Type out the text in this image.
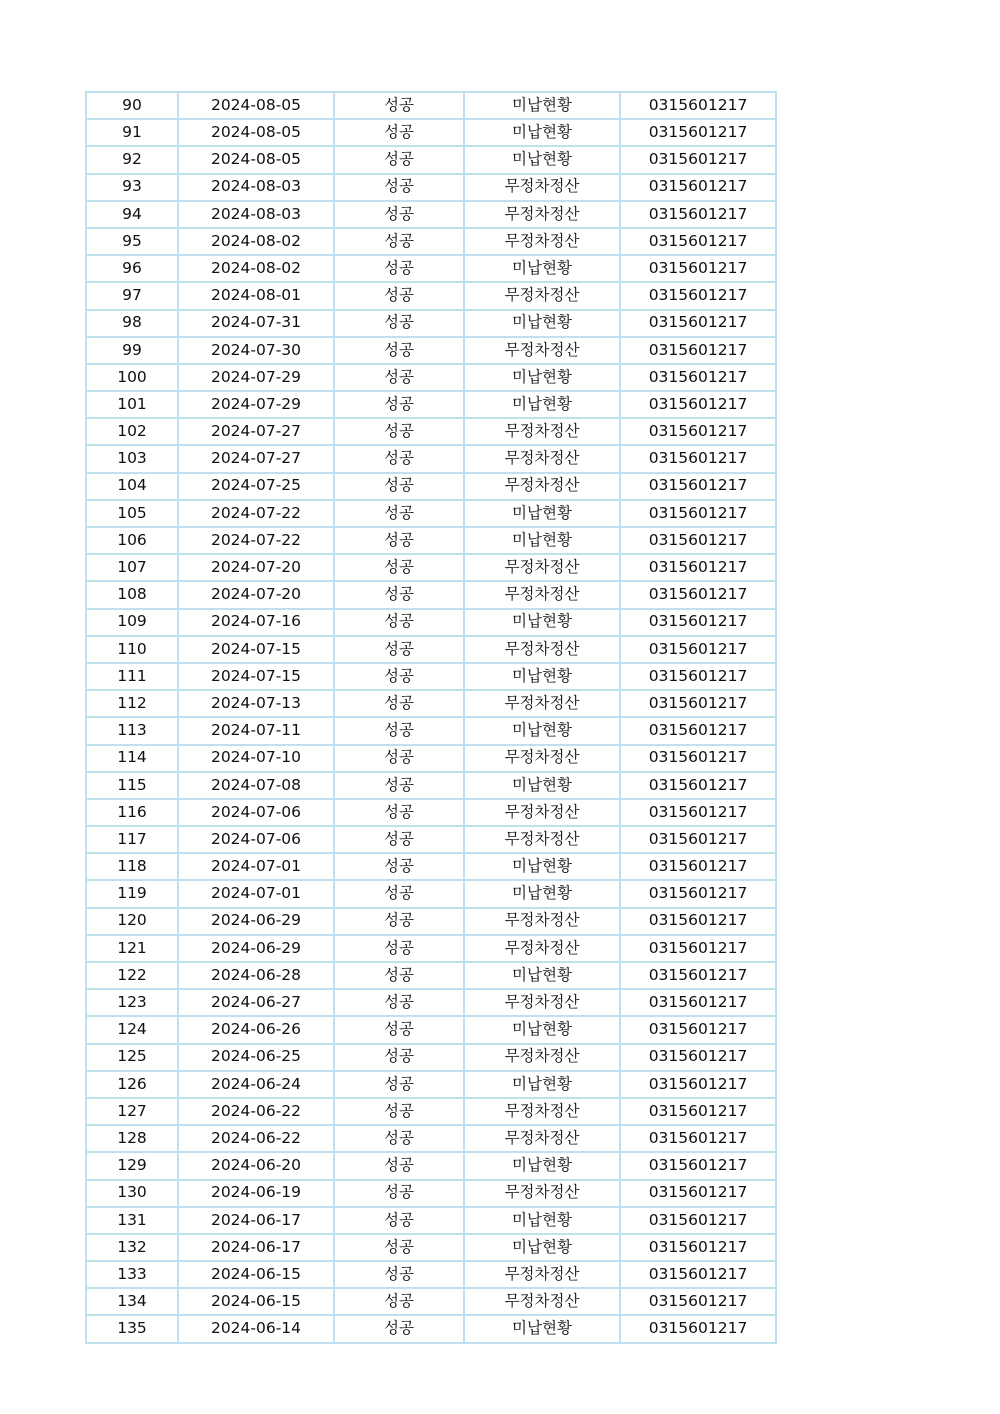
90	2024-08-05	성공	미납현황	0315601217
91	2024-08-05	성공	미납현황	0315601217
92	2024-08-05	성공	미납현황	0315601217
93	2024-08-03	성공	무정차정산	0315601217
94	2024-08-03	성공	무정차정산	0315601217
95	2024-08-02	성공	무정차정산	0315601217
96	2024-08-02	성공	미납현황	0315601217
97	2024-08-01	성공	무정차정산	0315601217
98	2024-07-31	성공	미납현황	0315601217
99	2024-07-30	성공	무정차정산	0315601217
100	2024-07-29	성공	미납현황	0315601217
101	2024-07-29	성공	미납현황	0315601217
102	2024-07-27	성공	무정차정산	0315601217
103	2024-07-27	성공	무정차정산	0315601217
104	2024-07-25	성공	무정차정산	0315601217
105	2024-07-22	성공	미납현황	0315601217
106	2024-07-22	성공	미납현황	0315601217
107	2024-07-20	성공	무정차정산	0315601217
108	2024-07-20	성공	무정차정산	0315601217
109	2024-07-16	성공	미납현황	0315601217
110	2024-07-15	성공	무정차정산	0315601217
111	2024-07-15	성공	미납현황	0315601217
112	2024-07-13	성공	무정차정산	0315601217
113	2024-07-11	성공	미납현황	0315601217
114	2024-07-10	성공	무정차정산	0315601217
115	2024-07-08	성공	미납현황	0315601217
116	2024-07-06	성공	무정차정산	0315601217
117	2024-07-06	성공	무정차정산	0315601217
118	2024-07-01	성공	미납현황	0315601217
119	2024-07-01	성공	미납현황	0315601217
120	2024-06-29	성공	무정차정산	0315601217
121	2024-06-29	성공	무정차정산	0315601217
122	2024-06-28	성공	미납현황	0315601217
123	2024-06-27	성공	무정차정산	0315601217
124	2024-06-26	성공	미납현황	0315601217
125	2024-06-25	성공	무정차정산	0315601217
126	2024-06-24	성공	미납현황	0315601217
127	2024-06-22	성공	무정차정산	0315601217
128	2024-06-22	성공	무정차정산	0315601217
129	2024-06-20	성공	미납현황	0315601217
130	2024-06-19	성공	무정차정산	0315601217
131	2024-06-17	성공	미납현황	0315601217
132	2024-06-17	성공	미납현황	0315601217
133	2024-06-15	성공	무정차정산	0315601217
134	2024-06-15	성공	무정차정산	0315601217
135	2024-06-14	성공	미납현황	0315601217
